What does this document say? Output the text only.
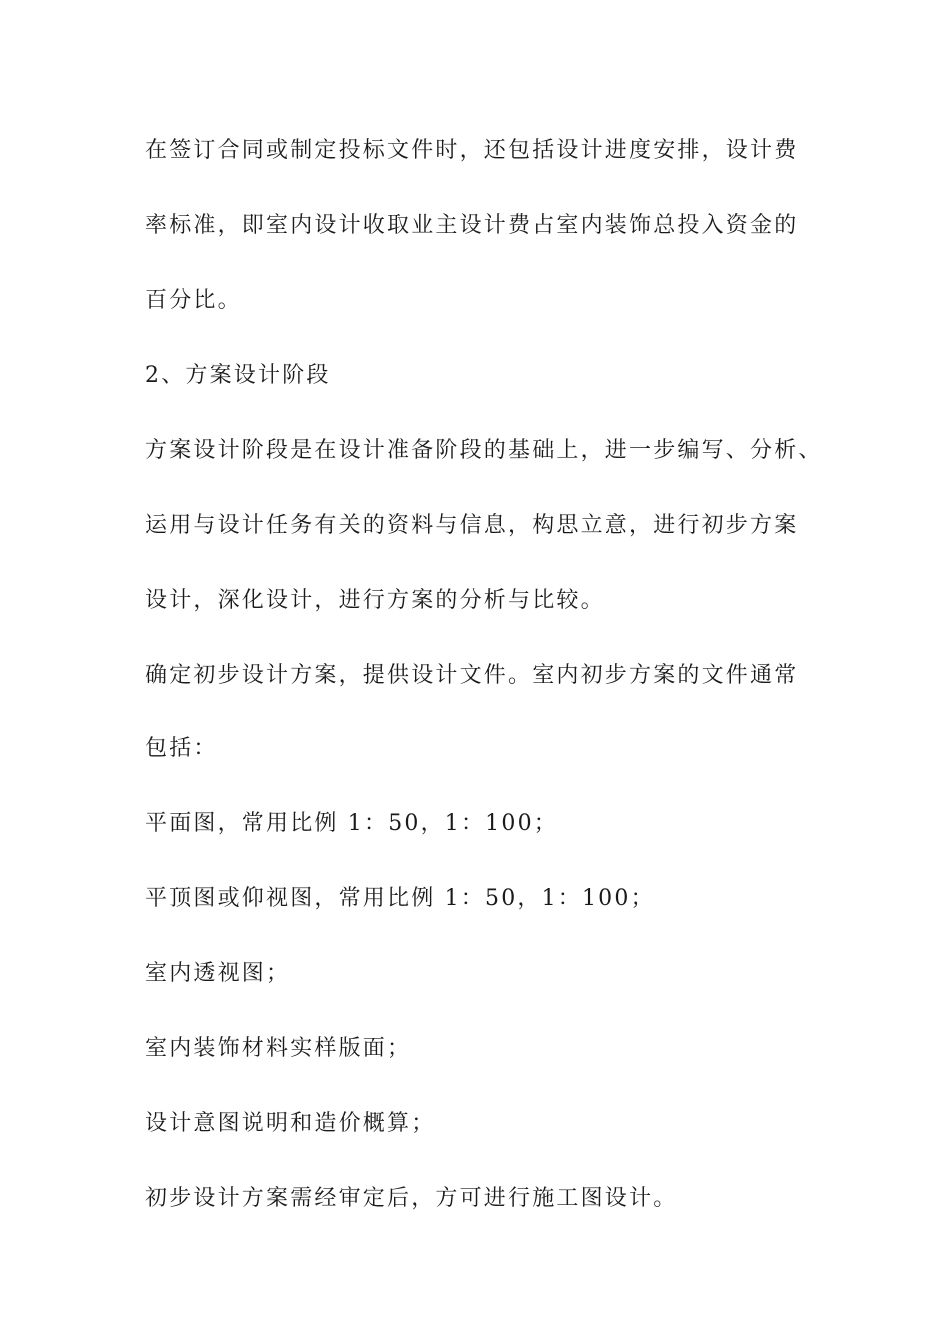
在签订合同或制定投标文件时，还包括设计进度安排，设计费
率标准，即室内设计收取业主设计费占室内装饰总投入资金的
百分比。
2、方案设计阶段
方案设计阶段是在设计准备阶段的基础上，进一步编写、分析、
运用与设计任务有关的资料与信息，构思立意，进行初步方案
设计，深化设计，进行方案的分析与比较。
确定初步设计方案，提供设计文件。室内初步方案的文件通常
包括：
平面图，常用比例 1：50，1：100；
平顶图或仰视图，常用比例 1：50，1：100；
室内透视图；
室内装饰材料实样版面；
设计意图说明和造价概算；
初步设计方案需经审定后，方可进行施工图设计。
